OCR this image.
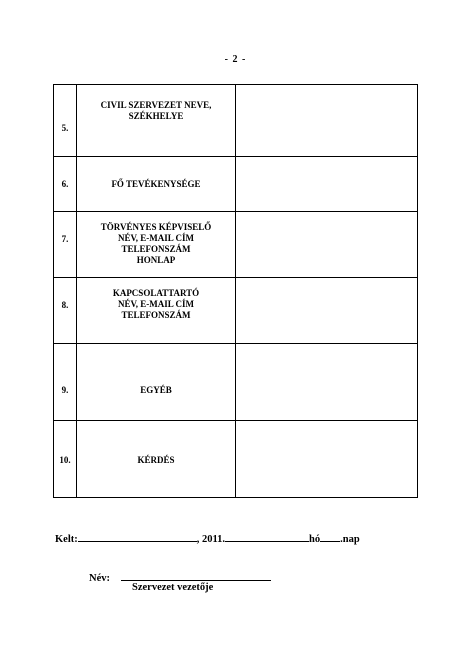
- 2 -
5.	CIVIL SZERVEZET NEVE,
SZÉKHELYE	

6.	FŐ TEVÉKENYSÉGE	

7.	TÖRVÉNYES KÉPVISELŐ
NÉV, E-MAIL CÍM
TELEFONSZÁM
HONLAP	

8.	KAPCSOLATTARTÓ
NÉV, E-MAIL CÍM
TELEFONSZÁM	

9.	EGYÉB	

10.	KÉRDÉS	

Kelt:	, 2011.	hó .nap
Név:
Szervezet vezetője
